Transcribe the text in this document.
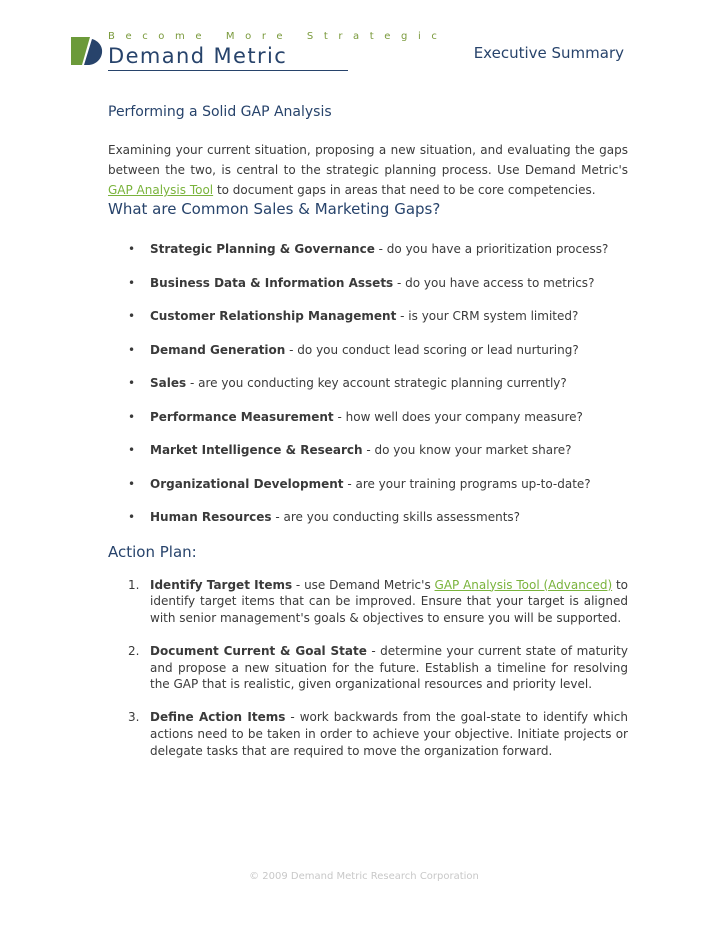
Become More Strategic
Demand Metric	Executive Summary
Performing a Solid GAP Analysis

Examining your current situation, proposing a new situation, and evaluating the gaps between the two, is central to the strategic planning process. Use Demand Metric's GAP Analysis Tool to document gaps in areas that need to be core competencies.

What are Common Sales & Marketing Gaps?
• Strategic Planning & Governance - do you have a prioritization process?
• Business Data & Information Assets - do you have access to metrics?
• Customer Relationship Management - is your CRM system limited?
• Demand Generation - do you conduct lead scoring or lead nurturing?
• Sales - are you conducting key account strategic planning currently?
• Performance Measurement - how well does your company measure?
• Market Intelligence & Research - do you know your market share?
• Organizational Development - are your training programs up-to-date?
• Human Resources - are you conducting skills assessments?
Action Plan:
1. Identify Target Items - use Demand Metric's GAP Analysis Tool (Advanced) to identify target items that can be improved. Ensure that your target is aligned with senior management's goals & objectives to ensure you will be supported.
2. Document Current & Goal State - determine your current state of maturity and propose a new situation for the future. Establish a timeline for resolving the GAP that is realistic, given organizational resources and priority level.
3. Define Action Items - work backwards from the goal-state to identify which actions need to be taken in order to achieve your objective. Initiate projects or delegate tasks that are required to move the organization forward.
© 2009 Demand Metric Research Corporation
